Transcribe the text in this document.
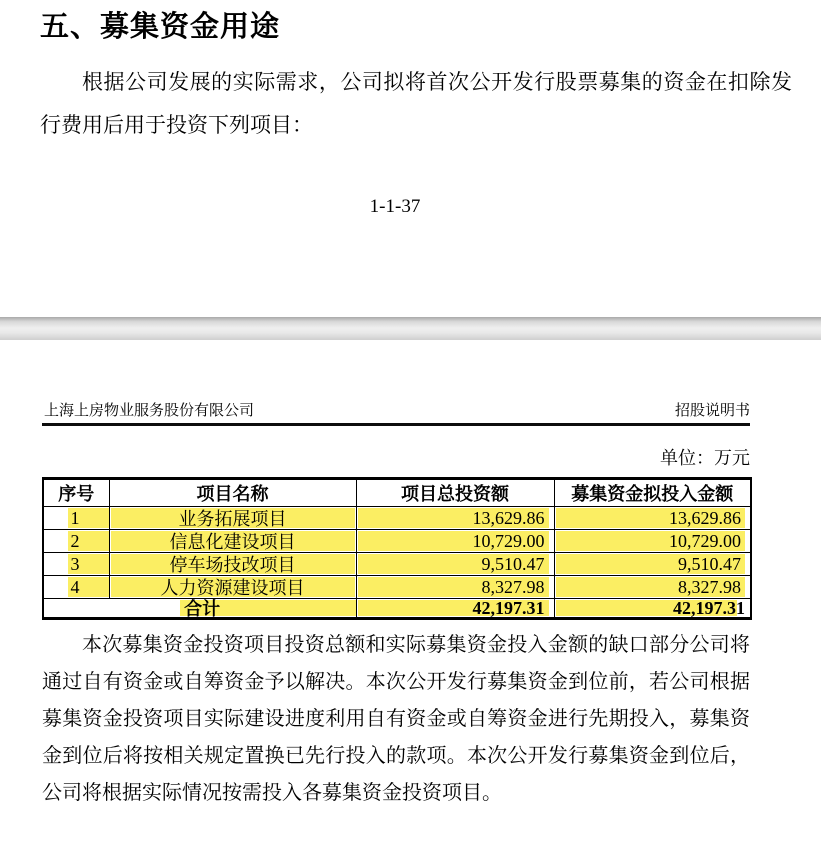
五、募集资金用途
根据公司发展的实际需求，公司拟将首次公开发行股票募集的资金在扣除发行费用后用于投资下列项目：
1-1-37
上海上房物业服务股份有限公司	招股说明书
单位：万元
序号	项目名称	项目总投资额	募集资金拟投入金额

1	业务拓展项目	13,629.86	13,629.86

2	信息化建设项目	10,729.00	10,729.00

3	停车场技改项目	9,510.47	9,510.47

4	人力资源建设项目	8,327.98	8,327.98

合计		42,197.31	42,197.31
本次募集资金投资项目投资总额和实际募集资金投入金额的缺口部分公司将通过自有资金或自筹资金予以解决。本次公开发行募集资金到位前，若公司根据募集资金投资项目实际建设进度利用自有资金或自筹资金进行先期投入，募集资金到位后将按相关规定置换已先行投入的款项。本次公开发行募集资金到位后，公司将根据实际情况按需投入各募集资金投资项目。
